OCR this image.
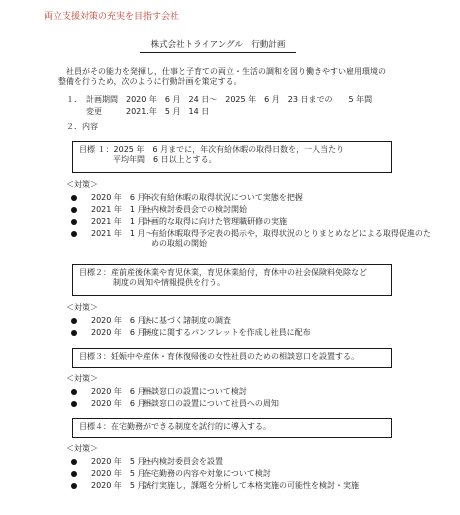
両立支援対策の充実を目指す会社
株式会社トライアングル　行動計画

社員がその能力を発揮し，仕事と子育ての両立・生活の調和を図り働きやすい雇用環境の

整備を行うため，次のように行動計画を策定する。

１． 計画期間　2020 年　6 月　24 日～　2025 年　6 月　23 日までの　　5 年間
変更　　　2021.年　5 月　14 日
２．内容
目標 １：2025 年　6 月までに，年次有給休暇の取得日数を，一人当たり
平均年間　6 日以上とする。
＜対策＞
2020 年　6 月～
年次有給休暇の取得状況について実態を把握
2021 年　1 月～
社内検討委員会での検討開始
2021 年　1 月～
計画的な取得に向けた管理職研修の実施
2021 年　1 月～
有給休暇取得予定表の掲示や，取得状況のとりまとめなどによる取得促進のための取組の開始
目標２：産前産後休業や育児休業，育児休業給付，育休中の社会保険料免除など
制度の周知や情報提供を行う。
＜対策＞
2020 年　6 月～
法に基づく諸制度の調査
2020 年　6 月～
制度に関するパンフレットを作成し社員に配布
目標３：妊娠中や産休・育休復帰後の女性社員のための相談窓口を設置する。
＜対策＞
2020 年　6 月～
相談窓口の設置について検討
2020 年　6 月～
相談窓口の設置について社員への周知
目標４：在宅勤務ができる制度を試行的に導入する。
＜対策＞
2020 年　5 月～
社内検討委員会を設置
2020 年　5 月～
在宅勤務の内容や対象について検討
2020 年　5 月～
試行実施し，課題を分析して本格実施の可能性を検討・実施
